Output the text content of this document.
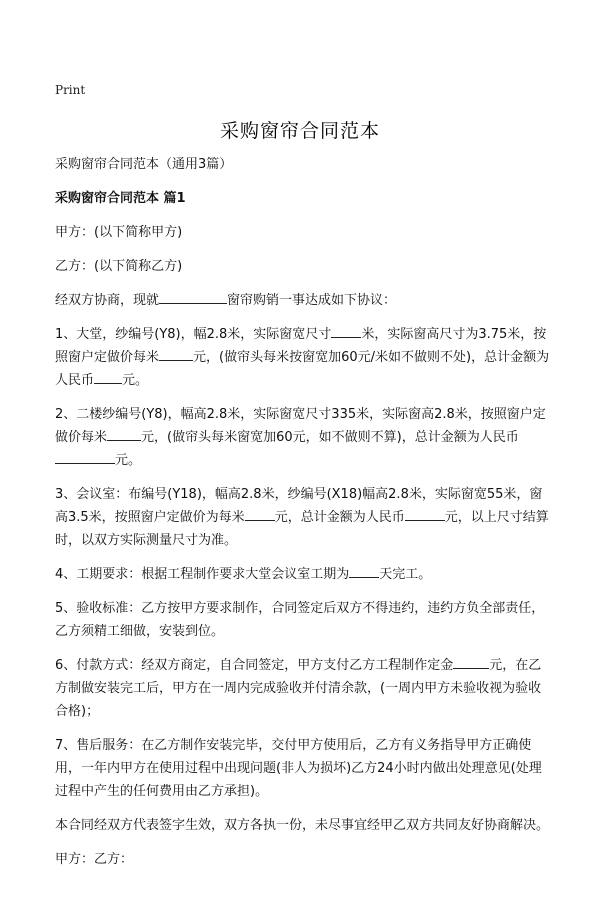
Print
采购窗帘合同范本

采购窗帘合同范本（通用3篇）

采购窗帘合同范本 篇1

甲方：(以下简称甲方)

乙方：(以下简称乙方)

经双方协商，现就	窗帘购销一事达成如下协议：

1、大堂，纱编号(Y8)，幅2.8米，实际窗宽尺寸 米，实际窗高尺寸为3.75米，按照窗户定做价每米	元，(做帘头每米按窗宽加60元/米如不做则不处)，总计金额为人民币 元。

2、二楼纱编号(Y8)，幅高2.8米，实际窗宽尺寸335米，实际窗高2.8米，按照窗户定做价每米	元，(做帘头每米窗宽加60元，如不做则不算)，总计金额为人民币元。

3、会议室：布编号(Y18)，幅高2.8米，纱编号(X18)幅高2.8米，实际窗宽55米，窗高3.5米，按照窗户定做价为每米 元，总计金额为人民币	元，以上尺寸结算时，以双方实际测量尺寸为准。

4、工期要求：根据工程制作要求大堂会议室工期为 天完工。

5、验收标准：乙方按甲方要求制作，合同签定后双方不得违约，违约方负全部责任，乙方须精工细做，安装到位。

6、付款方式：经双方商定，自合同签定，甲方支付乙方工程制作定金	元，在乙方制做安装完工后，甲方在一周内完成验收并付清余款，(一周内甲方未验收视为验收合格)；

7、售后服务：在乙方制作安装完毕，交付甲方使用后，乙方有义务指导甲方正确使用，一年内甲方在使用过程中出现问题(非人为损坏)乙方24小时内做出处理意见(处理过程中产生的任何费用由乙方承担)。

本合同经双方代表签字生效，双方各执一份，未尽事宜经甲乙双方共同友好协商解决。

甲方：乙方：
